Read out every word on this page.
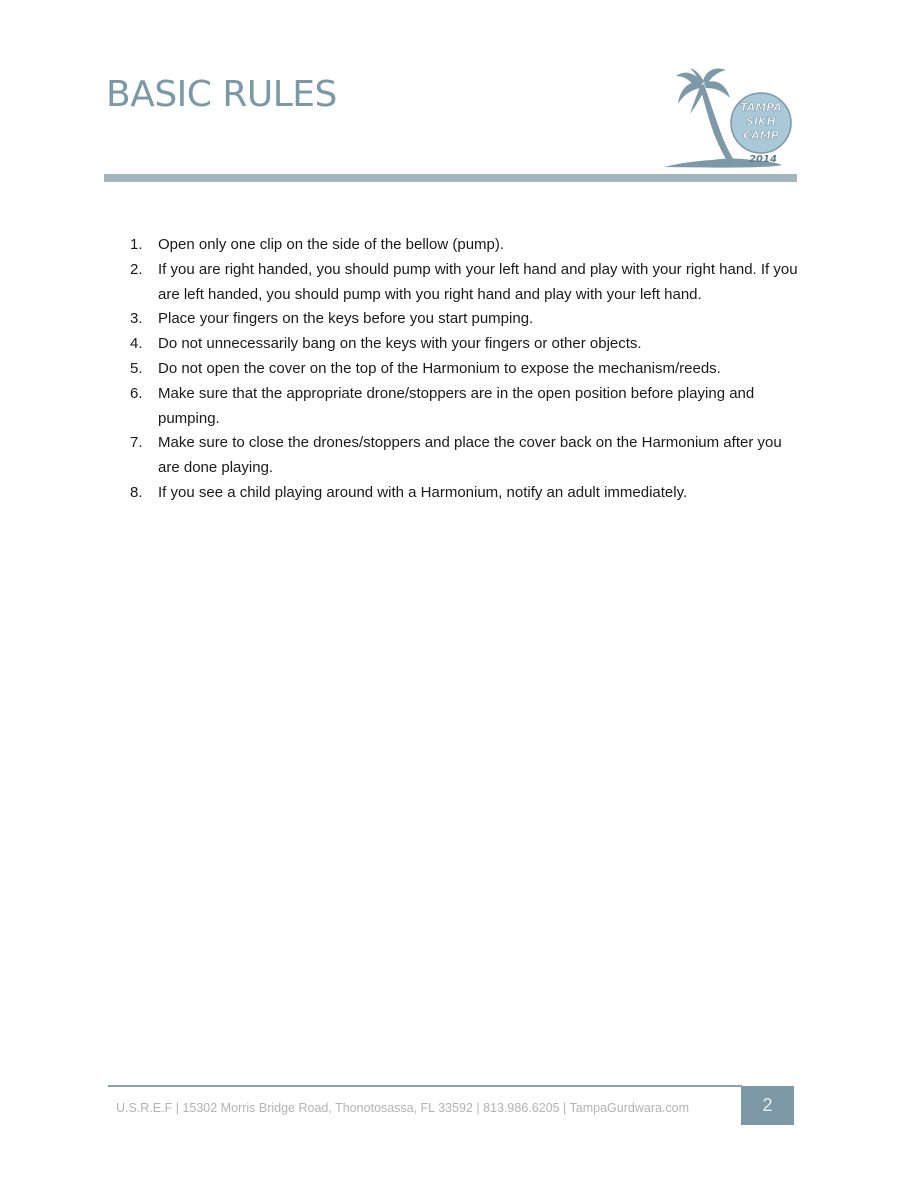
BASIC RULES	TAMPA
SIKH
CAMP
2014
1.	Open only one clip on the side of the bellow (pump).
2.	If you are right handed, you should pump with your left hand and play with your right hand. If you are left handed, you should pump with you right hand and play with your left hand.
3.	Place your fingers on the keys before you start pumping.
4.	Do not unnecessarily bang on the keys with your fingers or other objects.
5.	Do not open the cover on the top of the Harmonium to expose the mechanism/reeds.
6.	Make sure that the appropriate drone/stoppers are in the open position before playing and pumping.
7.	Make sure to close the drones/stoppers and place the cover back on the Harmonium after you are done playing.
8.	If you see a child playing around with a Harmonium, notify an adult immediately.
U.S.R.E.F | 15302 Morris Bridge Road, Thonotosassa, FL 33592 | 813.986.6205 | TampaGurdwara.com	2
